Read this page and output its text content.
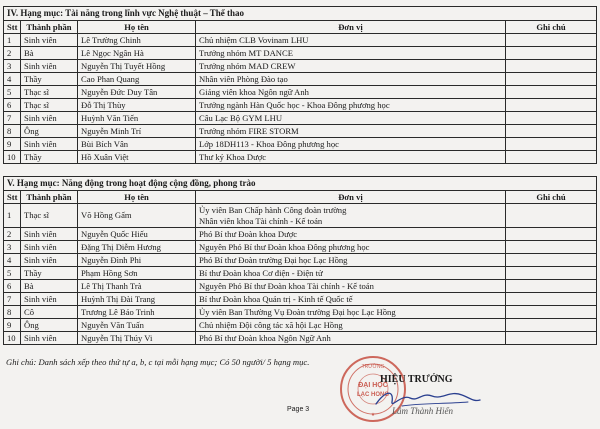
IV. Hạng mục: Tài năng trong lĩnh vực Nghệ thuật – Thể thao				
Stt	Thành phần	Họ tên	Đơn vị	Ghi chú
1	Sinh viên	Lê Trường Chinh	Chủ nhiệm CLB Vovinam LHU	
2	Bà	Lê Ngọc Ngân Hà	Trưởng nhóm MT DANCE	
3	Sinh viên	Nguyễn Thị Tuyết Hồng	Trưởng nhóm MAD CREW	
4	Thầy	Cao Phan Quang	Nhân viên Phòng Đào tạo	
5	Thạc sĩ	Nguyễn Đức Duy Tân	Giảng viên khoa Ngôn ngữ Anh	
6	Thạc sĩ	Đỗ Thị Thùy	Trưởng ngành Hàn Quốc học - Khoa Đông phương học	
7	Sinh viên	Huỳnh Văn Tiến	Câu Lạc Bộ GYM LHU	
8	Ông	Nguyễn Minh Trí	Trưởng nhóm FIRE STORM	
9	Sinh viên	Bùi Bích Vân	Lớp 18DH113 - Khoa Đông phương học	
10	Thầy	Hồ Xuân Việt	Thư ký Khoa Dược	
V. Hạng mục: Năng động trong hoạt động cộng đồng, phong trào				
Stt	Thành phần	Họ tên	Đơn vị	Ghi chú
1	Thạc sĩ	Võ Hồng Gấm	Ủy viên Ban Chấp hành Công đoàn trường
Nhân viên khoa Tài chính - Kế toán	

2	Sinh viên	Nguyễn Quốc Hiếu	Phó Bí thư Đoàn khoa Dược	
3	Sinh viên	Đặng Thị Diễm Hương	Nguyên Phó Bí thư Đoàn khoa Đông phương học	
4	Sinh viên	Nguyễn Đình Phi	Phó Bí thư Đoàn trường Đại học Lạc Hồng	
5	Thầy	Phạm Hồng Sơn	Bí thư Đoàn khoa Cơ điện - Điện tử	
6	Bà	Lê Thị Thanh Trà	Nguyên Phó Bí thư Đoàn khoa Tài chính - Kế toán	
7	Sinh viên	Huỳnh Thị Đài Trang	Bí thư Đoàn khoa Quản trị - Kinh tế Quốc tế	
8	Cô	Trương Lê Bảo Trinh	Ủy viên Ban Thường Vụ Đoàn trường Đại học Lạc Hồng	
9	Ông	Nguyễn Văn Tuấn	Chủ nhiệm Đội công tác xã hội Lạc Hồng	
10	Sinh viên	Nguyễn Thị Thúy Vi	Phó Bí thư Đoàn khoa Ngôn Ngữ Anh	
Ghi chú: Danh sách xếp theo thứ tự a, b, c tại mỗi hạng mục; Có 50 người/ 5 hạng mục.
ĐẠI HỌC
LẠC HỒNG
TRƯỜNG
★
HIỆU TRƯỞNG
Lâm Thành Hiển
Page 3
